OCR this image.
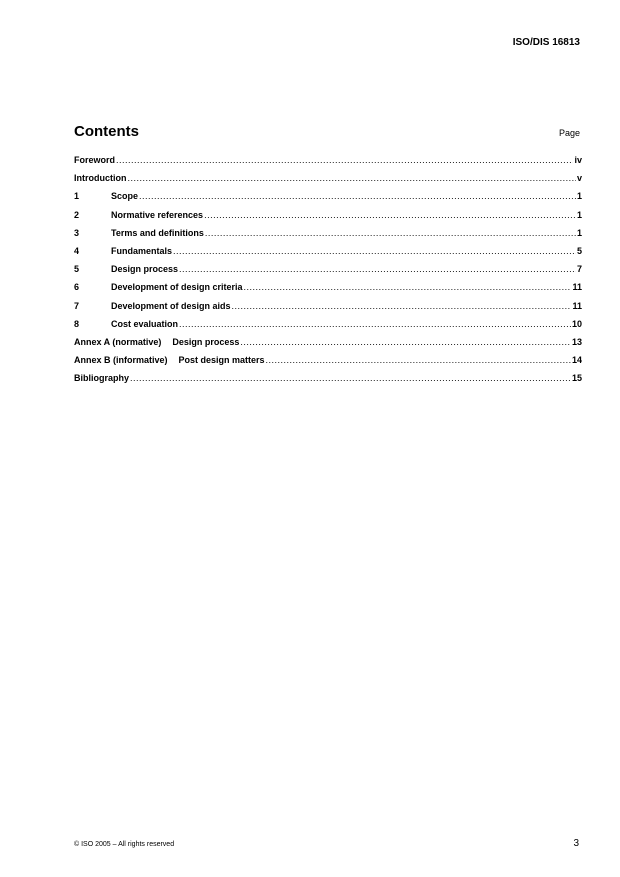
ISO/DIS 16813
Contents	Page
Foreword .....	iv
Introduction .....	v
1	Scope .....	1
2	Normative references .....	1
3	Terms and definitions .....	1
4	Fundamentals .....	5
5	Design process .....	7
6	Development of design criteria .....	11
7	Development of design aids .....	11
8	Cost evaluation .....	10
Annex A (normative) Design process .....	13
Annex B (informative) Post design matters .....	14
Bibliography .....	15
© ISO 2005 – All rights reserved	3
